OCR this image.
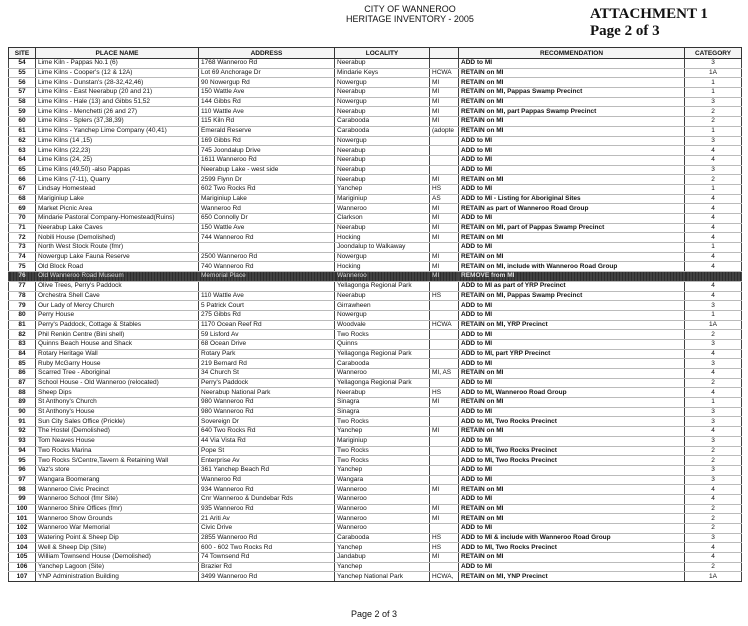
CITY OF WANNEROO
HERITAGE INVENTORY - 2005	ATTACHMENT 1
Page 2 of 3
SITE	PLACE NAME	ADDRESS	LOCALITY		RECOMMENDATION	CATEGORY
54	Lime Kiln - Pappas No.1 (6)	1768 Wanneroo Rd	Neerabup		ADD to MI	3
55	Lime Kilns - Cooper's (12 & 12A)	Lot 69 Anchorage Dr	Mindarie Keys	HCWA	RETAIN on MI	1A
56	Lime Kilns - Dunstan's (28-32,42,46)	90 Nowergup Rd	Nowergup	MI	RETAIN on MI	1
57	Lime Kilns - East Neerabup (20 and 21)	150 Wattle Ave	Neerabup	MI	RETAIN on MI, Pappas Swamp Precinct	1
58	Lime Kilns - Hale (13) and Gibbs 51,52	144 Gibbs Rd	Nowergup	MI	RETAIN on MI	3
59	Lime Kilns - Menchetti (26 and 27)	110 Wattle Ave	Neerabup	MI	RETAIN on MI, part Pappas Swamp Precinct	2
60	Lime Kilns - Splers (37,38,39)	115 Kiln Rd	Carabooda	MI	RETAIN on MI	2
61	Lime Kilns - Yanchep Lime Company (40,41)	Emerald Reserve	Carabooda	(adopte	RETAIN on MI	1
62	Lime Kilns (14 ,15)	169 Gibbs Rd	Nowergup		ADD to MI	3
63	Lime Kilns (22,23)	745 Joondalup Drive	Neerabup		ADD to MI	4
64	Lime Kilns (24, 25)	1611 Wanneroo Rd	Neerabup		ADD to MI	4
65	Lime Kilns (49,50) -also Pappas	Neerabup Lake - west side	Neerabup		ADD to MI	3
66	Lime Kilns (7-11), Quarry	2599 Flynn Dr	Neerabup	MI	RETAIN on MI	2
67	Lindsay Homestead	602 Two Rocks Rd	Yanchep	HS	ADD to MI	1
68	Mariginiup Lake	Mariginiup Lake	Mariginiup	AS	ADD to MI - Listing for Aboriginal Sites	4
69	Market Picnic Area	Wanneroo Rd	Wanneroo	MI	RETAIN as part of Wanneroo Road Group	4
70	Mindarie Pastoral Company-Homestead(Ruins)	650 Connolly Dr	Clarkson	MI	ADD to MI	4
71	Neerabup Lake Caves	150 Wattle Ave	Neerabup	MI	RETAIN on MI, part of Pappas Swamp Precinct	4
72	Nobili House (Demolished)	744 Wanneroo Rd	Hocking	MI	RETAIN on MI	4
73	North West Stock Route (fmr)		Joondalup to Walkaway		ADD to MI	1
74	Nowergup Lake Fauna Reserve	2500 Wanneroo Rd	Nowergup	MI	RETAIN on MI	4
75	Old Block Road	740 Wanneroo Rd	Hocking	MI	RETAIN on MI, include with Wanneroo Road Group	4
76	Old Wanneroo Road Museum	Memorial Place	Wanneroo	MI	REMOVE from MI	
77	Olive Trees, Perry's Paddock		Yellagonga Regional Park		ADD to MI as part of YRP Precinct	4
78	Orchestra Shell Cave	110 Wattle Ave	Neerabup	HS	RETAIN on MI, Pappas Swamp Precinct	4
79	Our Lady of Mercy Church	5 Patrick Court	Girrawheen		ADD to MI	3
80	Perry House	275 Gibbs Rd	Nowergup		ADD to MI	1
81	Perry's Paddock, Cottage & Stables	1170 Ocean Reef Rd	Woodvale	HCWA	RETAIN on MI, YRP Precinct	1A
82	Phil Renkin Centre (Bini shell)	59 Lisford Av	Two Rocks		ADD to MI	2
83	Quinns Beach House and Shack	68 Ocean Drive	Quinns		ADD to MI	3
84	Rotary Heritage Wall	Rotary Park	Yellagonga Regional Park		ADD to MI, part YRP Precinct	4
85	Ruby McGarry House	219 Bernard Rd	Carabooda		ADD to MI	3
86	Scarred Tree - Aboriginal	34 Church St	Wanneroo	MI, AS	RETAIN on MI	4
87	School House - Old Wanneroo (relocated)	Perry's Paddock	Yellagonga Regional Park		ADD to MI	2
88	Sheep Dips	Neerabup National Park	Neerabup	HS	ADD to MI, Wanneroo Road Group	4
89	St Anthony's Church	980 Wanneroo Rd	Sinagra	MI	RETAIN on MI	1
90	St Anthony's House	980 Wanneroo Rd	Sinagra		ADD to MI	3
91	Sun City Sales Office (Prickle)	Sovereign Dr	Two Rocks		ADD to MI, Two Rocks Precinct	3
92	The Hostel (Demolished)	640 Two Rocks Rd	Yanchep	MI	RETAIN on MI	4
93	Tom Neaves House	44 Via Vista Rd	Mariginiup		ADD to MI	3
94	Two Rocks Marina	Pope St	Two Rocks		ADD to MI, Two Rocks Precinct	2
95	Two Rocks S/Centre,Tavern & Retaining Wall	Enterprise Av	Two Rocks		ADD to MI, Two Rocks Precinct	2
96	Vaz's store	361 Yanchep Beach Rd	Yanchep		ADD to MI	3
97	Wangara Boomerang	Wanneroo Rd	Wangara		ADD to MI	3
98	Wanneroo Civic Precinct	934 Wanneroo Rd	Wanneroo	MI	RETAIN on MI	4
99	Wanneroo School (fmr Site)	Cnr Wanneroo & Dundebar Rds	Wanneroo		ADD to MI	4
100	Wanneroo Shire Offices (fmr)	935 Wanneroo Rd	Wanneroo	MI	RETAIN on MI	2
101	Wanneroo Show Grounds	21 Ariti Av	Wanneroo	MI	RETAIN on MI	2
102	Wanneroo War Memorial	Civic Drive	Wanneroo		ADD to MI	2
103	Watering Point & Sheep Dip	2855 Wanneroo Rd	Carabooda	HS	ADD to MI & include with Wanneroo Road Group	3
104	Well & Sheep Dip (Site)	600 - 602 Two Rocks Rd	Yanchep	HS	ADD to MI, Two Rocks Precinct	4
105	William Townsend House (Demolished)	74 Townsend Rd	Jandabup	MI	RETAIN on MI	4
106	Yanchep Lagoon (Site)	Brazier Rd	Yanchep		ADD to MI	2
107	YNP Administration Building	3499 Wanneroo Rd	Yanchep National Park	HCWA,	RETAIN on MI, YNP Precinct	1A
Page 2 of 3
